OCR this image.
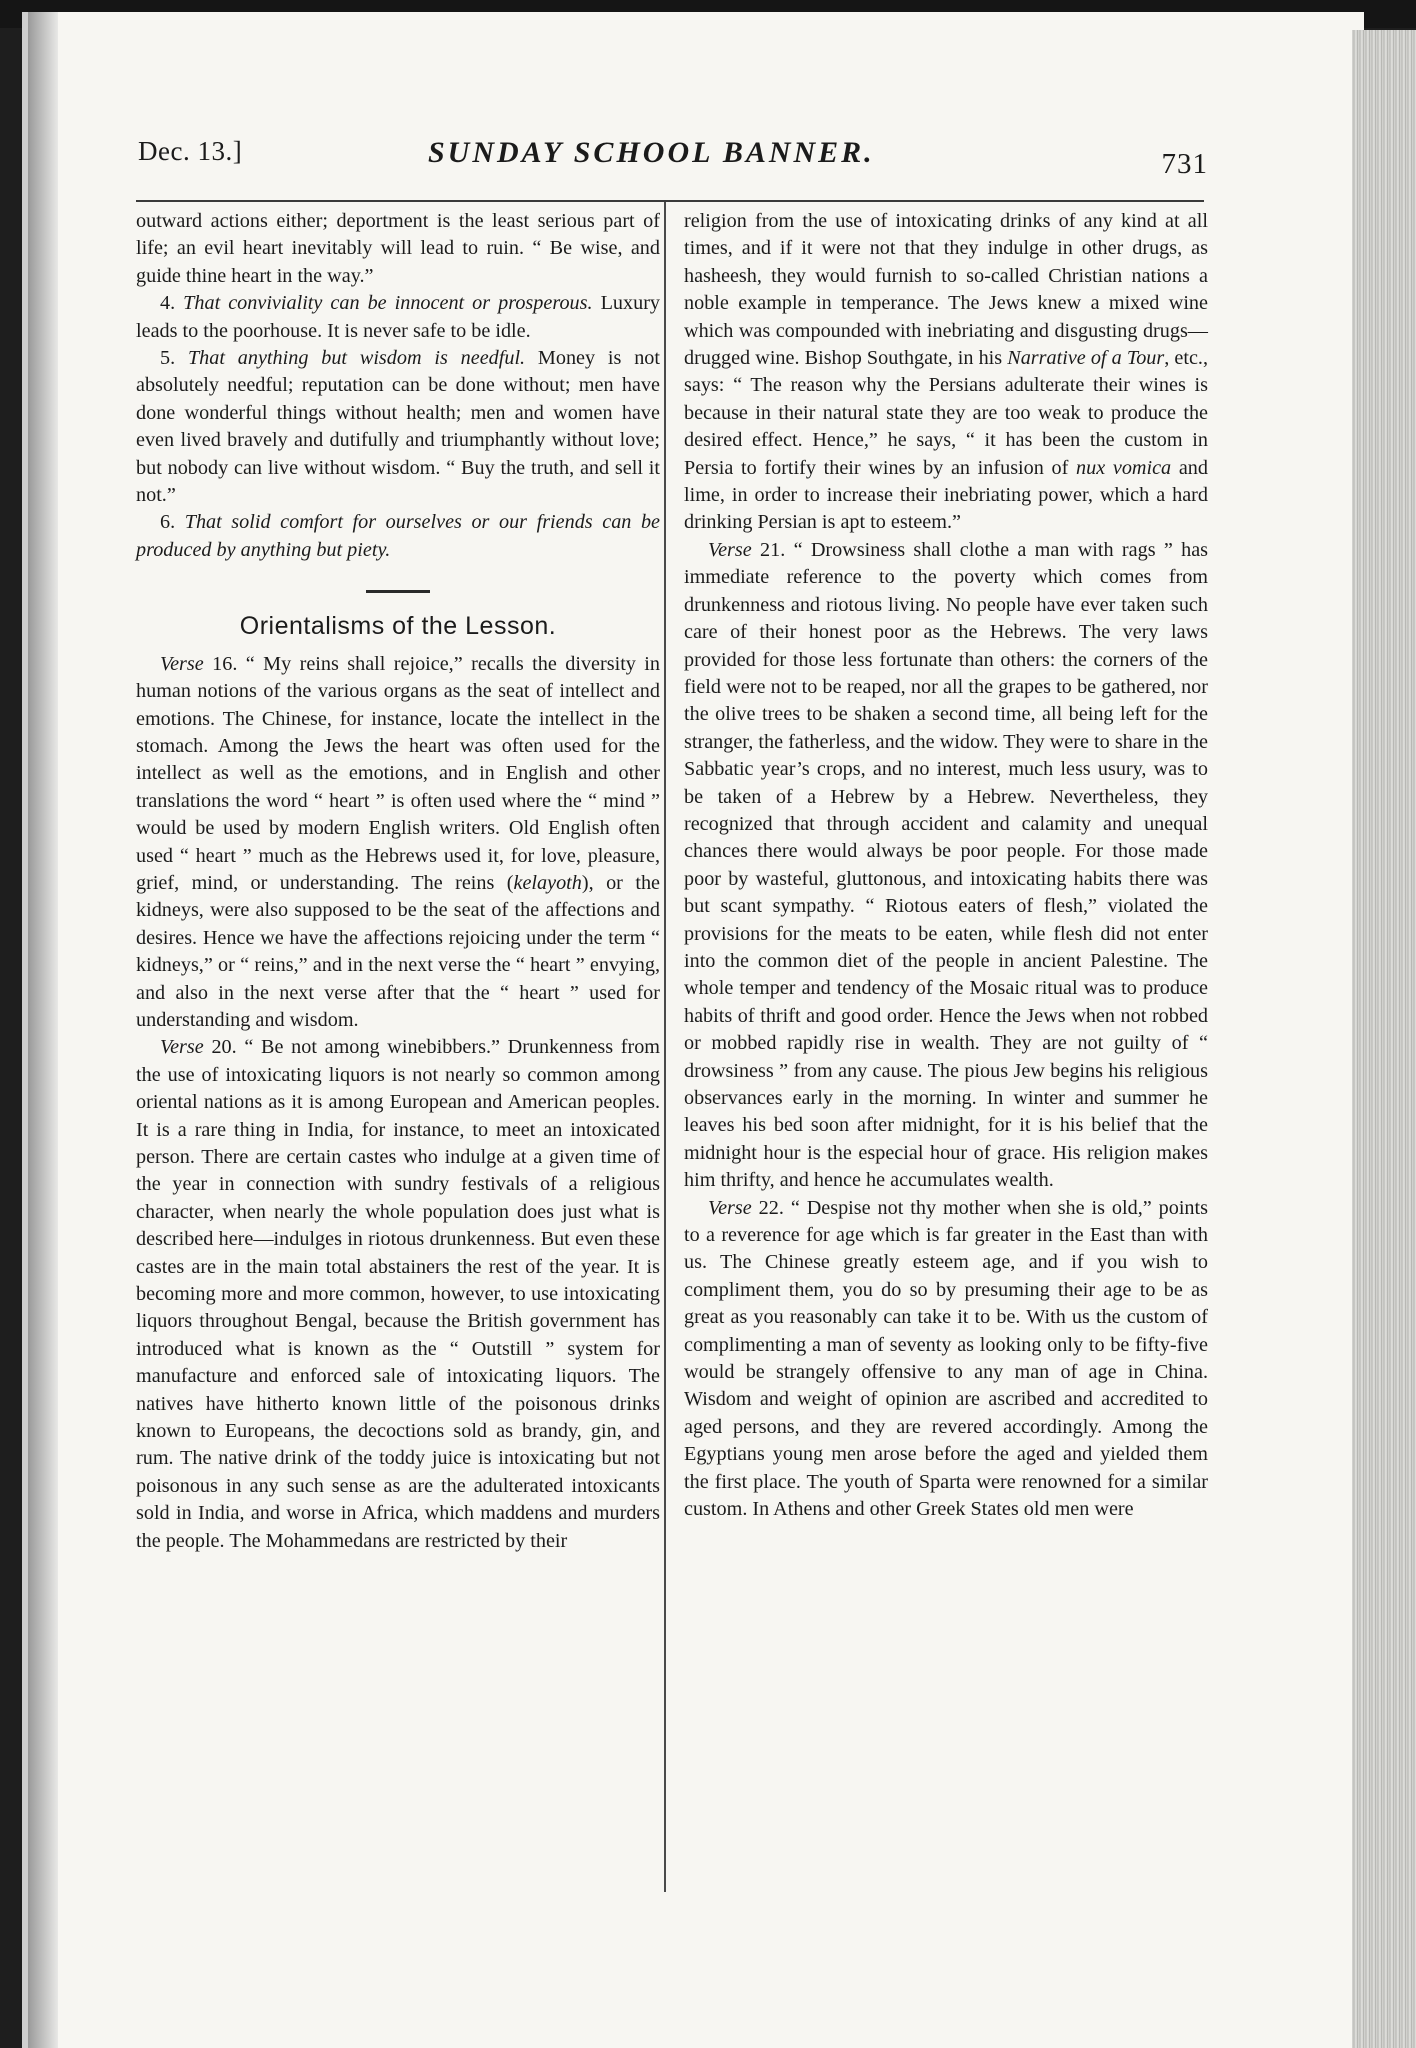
Dec. 13.]	SUNDAY SCHOOL BANNER.	731

outward actions either; deportment is the least serious part of life; an evil heart inevitably will lead to ruin. “ Be wise, and guide thine heart in the way.”

4. That conviviality can be innocent or prosperous. Luxury leads to the poorhouse. It is never safe to be idle.

5. That anything but wisdom is needful. Money is not absolutely needful; reputation can be done without; men have done wonderful things without health; men and women have even lived bravely and dutifully and triumphantly without love; but nobody can live without wisdom. “ Buy the truth, and sell it not.”

6. That solid comfort for ourselves or our friends can be produced by anything but piety.

Orientalisms of the Lesson.

Verse 16. “ My reins shall rejoice,” recalls the diversity in human notions of the various organs as the seat of intellect and emotions. The Chinese, for instance, locate the intellect in the stomach. Among the Jews the heart was often used for the intellect as well as the emotions, and in English and other translations the word “ heart ” is often used where the “ mind ” would be used by modern English writers. Old English often used “ heart ” much as the Hebrews used it, for love, pleasure, grief, mind, or understanding. The reins (kelayoth), or the kidneys, were also supposed to be the seat of the affections and desires. Hence we have the affections rejoicing under the term “ kidneys,” or “ reins,” and in the next verse the “ heart ” envying, and also in the next verse after that the “ heart ” used for understanding and wisdom.

Verse 20. “ Be not among winebibbers.” Drunkenness from the use of intoxicating liquors is not nearly so common among oriental nations as it is among European and American peoples. It is a rare thing in India, for instance, to meet an intoxicated person. There are certain castes who indulge at a given time of the year in connection with sundry festivals of a religious character, when nearly the whole population does just what is described here—indulges in riotous drunkenness. But even these castes are in the main total abstainers the rest of the year. It is becoming more and more common, however, to use intoxicating liquors throughout Bengal, because the British government has introduced what is known as the “ Outstill ” system for manufacture and enforced sale of intoxicating liquors. The natives have hitherto known little of the poisonous drinks known to Europeans, the decoctions sold as brandy, gin, and rum. The native drink of the toddy juice is intoxicating but not poisonous in any such sense as are the adulterated intoxicants sold in India, and worse in Africa, which maddens and murders the people. The Mohammedans are restricted by their

religion from the use of intoxicating drinks of any kind at all times, and if it were not that they indulge in other drugs, as hasheesh, they would furnish to so-called Christian nations a noble example in temperance. The Jews knew a mixed wine which was compounded with inebriating and disgusting drugs—drugged wine. Bishop Southgate, in his Narrative of a Tour, etc., says: “ The reason why the Persians adulterate their wines is because in their natural state they are too weak to produce the desired effect. Hence,” he says, “ it has been the custom in Persia to fortify their wines by an infusion of nux vomica and lime, in order to increase their inebriating power, which a hard drinking Persian is apt to esteem.”

Verse 21. “ Drowsiness shall clothe a man with rags ” has immediate reference to the poverty which comes from drunkenness and riotous living. No people have ever taken such care of their honest poor as the Hebrews. The very laws provided for those less fortunate than others: the corners of the field were not to be reaped, nor all the grapes to be gathered, nor the olive trees to be shaken a second time, all being left for the stranger, the fatherless, and the widow. They were to share in the Sabbatic year’s crops, and no interest, much less usury, was to be taken of a Hebrew by a Hebrew. Nevertheless, they recognized that through accident and calamity and unequal chances there would always be poor people. For those made poor by wasteful, gluttonous, and intoxicating habits there was but scant sympathy. “ Riotous eaters of flesh,” violated the provisions for the meats to be eaten, while flesh did not enter into the common diet of the people in ancient Palestine. The whole temper and tendency of the Mosaic ritual was to produce habits of thrift and good order. Hence the Jews when not robbed or mobbed rapidly rise in wealth. They are not guilty of “ drowsiness ” from any cause. The pious Jew begins his religious observances early in the morning. In winter and summer he leaves his bed soon after midnight, for it is his belief that the midnight hour is the especial hour of grace. His religion makes him thrifty, and hence he accumulates wealth.

Verse 22. “ Despise not thy mother when she is old,” points to a reverence for age which is far greater in the East than with us. The Chinese greatly esteem age, and if you wish to compliment them, you do so by presuming their age to be as great as you reasonably can take it to be. With us the custom of complimenting a man of seventy as looking only to be fifty-five would be strangely offensive to any man of age in China. Wisdom and weight of opinion are ascribed and accredited to aged persons, and they are revered accordingly. Among the Egyptians young men arose before the aged and yielded them the first place. The youth of Sparta were renowned for a similar custom. In Athens and other Greek States old men were
